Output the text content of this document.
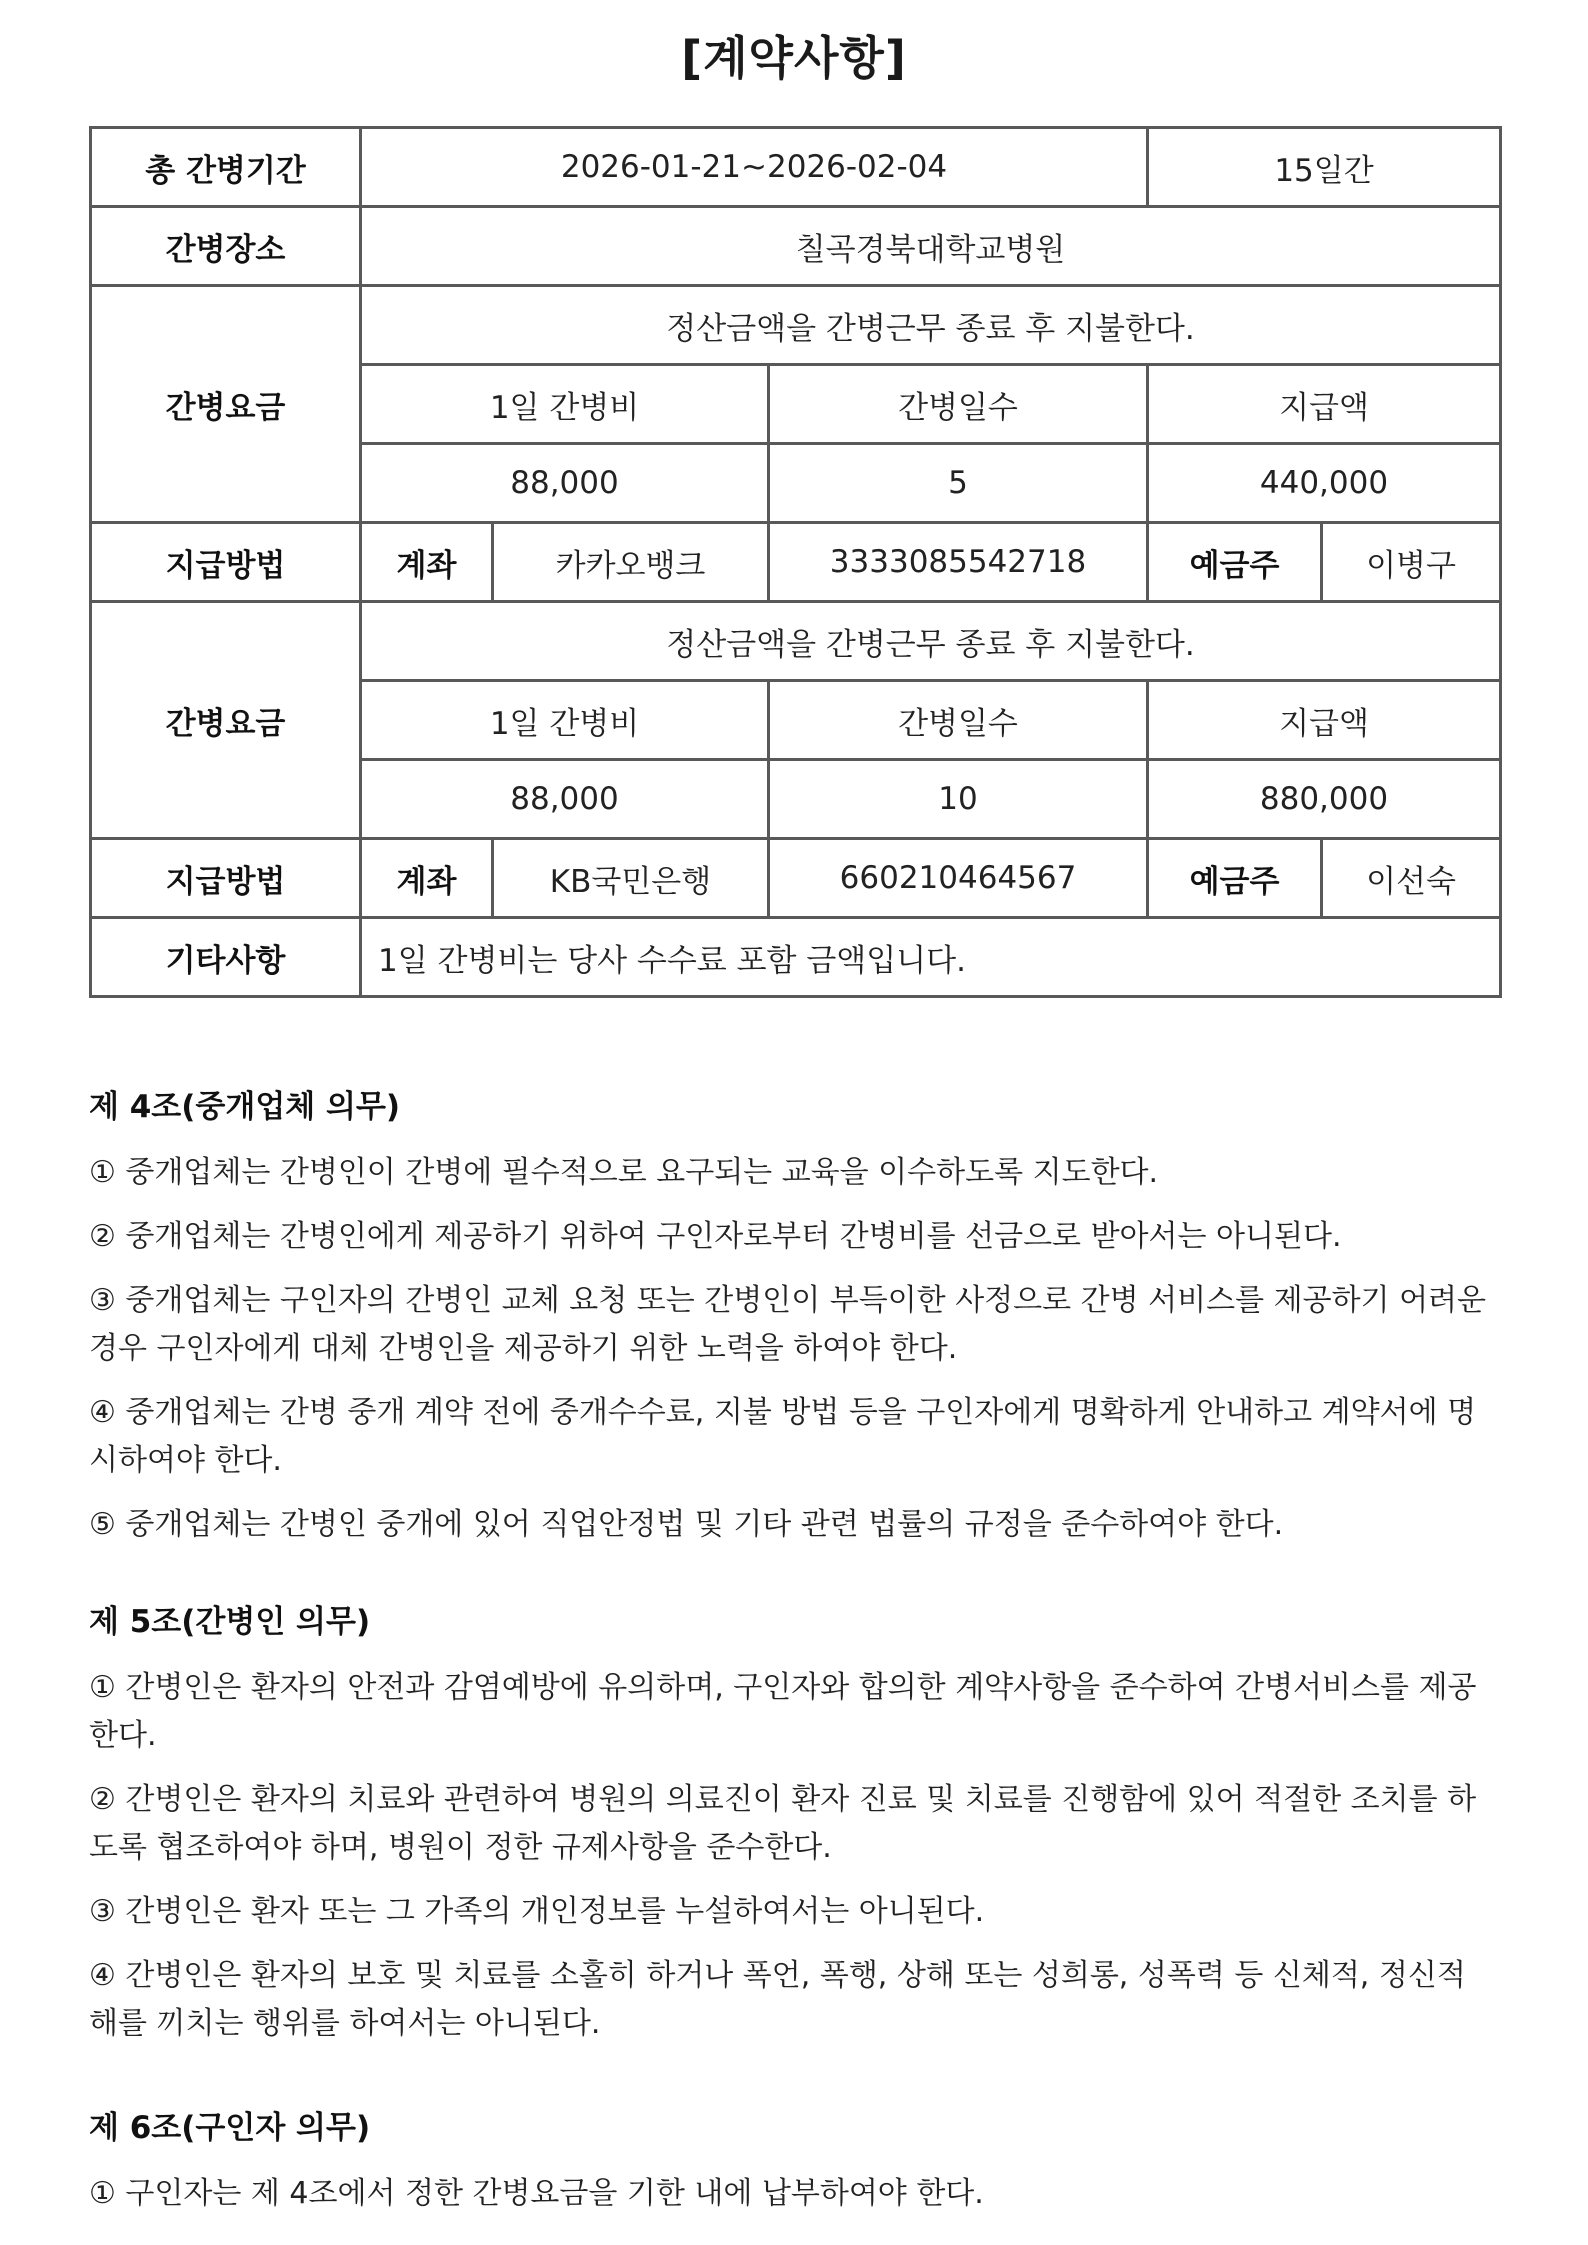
[계약사항]
총 간병기간	2026-01-21~2026-02-04			15일간	
간병장소	칠곡경북대학교병원				
간병요금	정산금액을 간병근무 종료 후 지불한다.				
	1일 간병비		간병일수	지급액	
	88,000		5	440,000	
지급방법	계좌	카카오뱅크	3333085542718	예금주	이병구
간병요금	정산금액을 간병근무 종료 후 지불한다.				
	1일 간병비		간병일수	지급액	
	88,000		10	880,000	
지급방법	계좌	KB국민은행	660210464567	예금주	이선숙
기타사항	1일 간병비는 당사 수수료 포함 금액입니다.				
제 4조(중개업체 의무)

① 중개업체는 간병인이 간병에 필수적으로 요구되는 교육을 이수하도록 지도한다.

② 중개업체는 간병인에게 제공하기 위하여 구인자로부터 간병비를 선금으로 받아서는 아니된다.

③ 중개업체는 구인자의 간병인 교체 요청 또는 간병인이 부득이한 사정으로 간병 서비스를 제공하기 어려운 경우 구인자에게 대체 간병인을 제공하기 위한 노력을 하여야 한다.

④ 중개업체는 간병 중개 계약 전에 중개수수료, 지불 방법 등을 구인자에게 명확하게 안내하고 계약서에 명시하여야 한다.

⑤ 중개업체는 간병인 중개에 있어 직업안정법 및 기타 관련 법률의 규정을 준수하여야 한다.

제 5조(간병인 의무)

① 간병인은 환자의 안전과 감염예방에 유의하며, 구인자와 합의한 계약사항을 준수하여 간병서비스를 제공한다.

② 간병인은 환자의 치료와 관련하여 병원의 의료진이 환자 진료 및 치료를 진행함에 있어 적절한 조치를 하도록 협조하여야 하며, 병원이 정한 규제사항을 준수한다.

③ 간병인은 환자 또는 그 가족의 개인정보를 누설하여서는 아니된다.

④ 간병인은 환자의 보호 및 치료를 소홀히 하거나 폭언, 폭행, 상해 또는 성희롱, 성폭력 등 신체적, 정신적 해를 끼치는 행위를 하여서는 아니된다.

제 6조(구인자 의무)

① 구인자는 제 4조에서 정한 간병요금을 기한 내에 납부하여야 한다.
